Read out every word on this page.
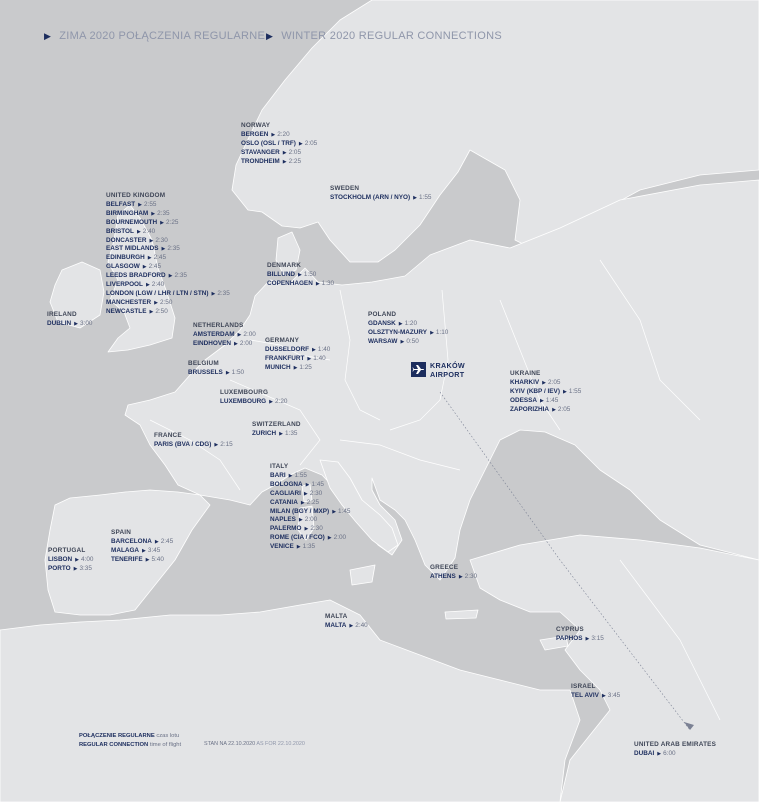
▶ ZIMA 2020 POŁĄCZENIA REGULARNE ▶ WINTER 2020 REGULAR CONNECTIONS
KRAKÓW
AIRPORT
NORWAY
BERGEN ▶ 2:20
OSLO (OSL / TRF) ▶ 2:05
STAVANGER ▶ 2:05
TRONDHEIM ▶ 2:25
SWEDEN
STOCKHOLM (ARN / NYO) ▶ 1:55
UNITED KINGDOM
BELFAST ▶ 2:55
BIRMINGHAM ▶ 2:35
BOURNEMOUTH ▶ 2:25
BRISTOL ▶ 2:40
DONCASTER ▶ 2:30
EAST MIDLANDS ▶ 2:35
EDINBURGH ▶ 2:45
GLASGOW ▶ 2:45
LEEDS BRADFORD ▶ 2:35
LIVERPOOL ▶ 2:40
LONDON (LGW / LHR / LTN / STN) ▶ 2:35
MANCHESTER ▶ 2:50
NEWCASTLE ▶ 2:50
DENMARK
BILLUND ▶ 1:50
COPENHAGEN ▶ 1:30
IRELAND
DUBLIN ▶ 3:00	NETHERLANDS
AMSTERDAM ▶ 2:00
EINDHOVEN ▶ 2:00
POLAND
GDANSK ▶ 1:20
OLSZTYN-MAZURY ▶ 1:10
WARSAW ▶ 0:50
GERMANY
DUSSELDORF ▶ 1:40
FRANKFURT ▶ 1:40
MUNICH ▶ 1:25
BELGIUM
BRUSSELS ▶ 1:50
LUXEMBOURG
LUXEMBOURG ▶ 2:20
UKRAINE
KHARKIV ▶ 2:05
KYIV (KBP / IEV) ▶ 1:55
ODESSA ▶ 1:45
ZAPORIZHIA ▶ 2:05
SWITZERLAND
ZURICH ▶ 1:35
FRANCE
PARIS (BVA / CDG) ▶ 2:15
ITALY
BARI ▶ 1:55
BOLOGNA ▶ 1:45
CAGLIARI ▶ 2:30
CATANIA ▶ 2:25
MILAN (BGY / MXP) ▶ 1:45
NAPLES ▶ 2:00
PALERMO ▶ 2:30
ROME (CIA / FCO) ▶ 2:00
VENICE ▶ 1:35
SPAIN
BARCELONA ▶ 2:45
MALAGA ▶ 3:45
TENERIFE ▶ 5:40
PORTUGAL
LISBON ▶ 4:00
PORTO ▶ 3:35	GREECE
ATHENS ▶ 2:30
MALTA
MALTA ▶ 2:40
CYPRUS
PAPHOS ▶ 3:15
ISRAEL
TEL AVIV ▶ 3:45
UNITED ARAB EMIRATES
DUBAI ▶ 6:00
POŁĄCZENIE REGULARNE czas lotu
REGULAR CONNECTION time of flight	STAN NA 22.10.2020 AS FOR 22.10.2020
